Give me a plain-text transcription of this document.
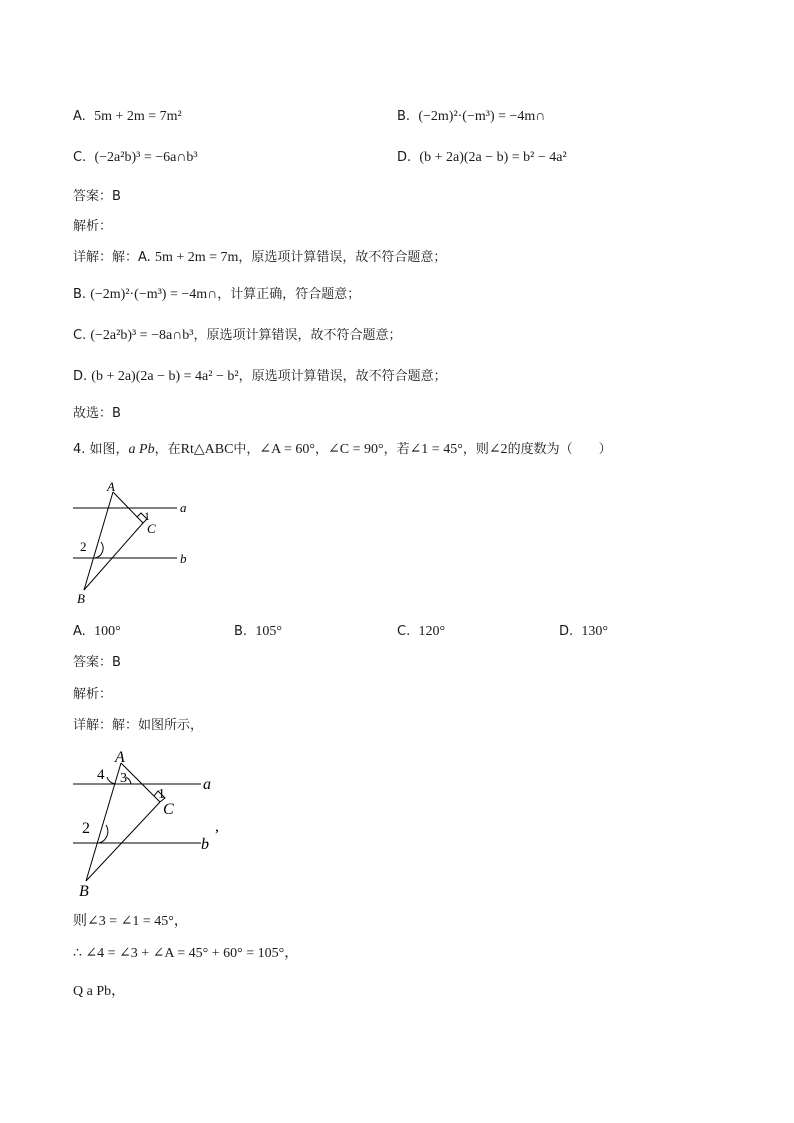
A. 5m + 2m = 7m²	B. (−2m)²·(−m³) = −4m∩
C. (−2a²b)³ = −6a∩b³	D. (b + 2a)(2a − b) = b² − 4a²
答案：B
解析：
详解：解：A. 5m + 2m = 7m，原选项计算错误，故不符合题意；
B. (−2m)²·(−m³) = −4m∩，计算正确，符合题意；
C. (−2a²b)³ = −8a∩b³，原选项计算错误，故不符合题意；
D. (b + 2a)(2a − b) = 4a² − b²，原选项计算错误，故不符合题意；
故选：B
4. 如图，a Pb，在Rt△ABC中，∠A = 60°，∠C = 90°，若∠1 = 45°，则∠2的度数为（　　）
A
a
1
C
2
b
B
A. 100°	B. 105°	C. 120°	D. 130°
答案：B
解析：
详解：解：如图所示，
A
4 3	a
1
C
,
2
b
B
则∠3 = ∠1 = 45°，
∴ ∠4 = ∠3 + ∠A = 45° + 60° = 105°，
Q a Pb，
